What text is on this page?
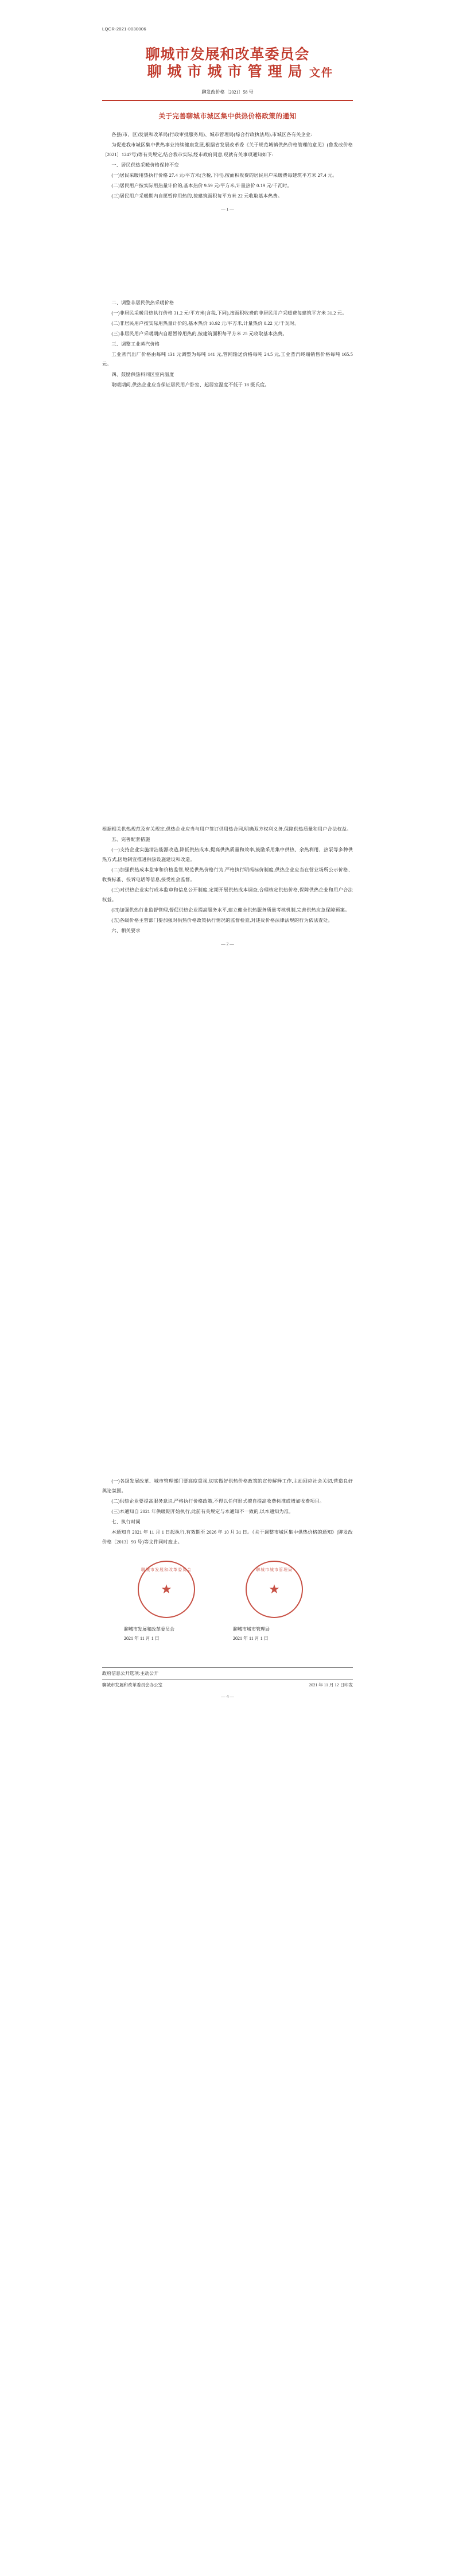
LQCR-2021-0030006
聊城市发展和改革委员会
聊城市城市管理局 文件
聊发改价格〔2021〕58 号
关于完善聊城市城区集中供热价格政策的通知

各县(市、区)发展和改革局(行政审批服务局)、城市管理局(综合行政执法局),市城区各有关企业:

为促进我市城区集中供热事业持续健康发展,根据省发展改革委《关于规范城镇供热价格管理的意见》(鲁发改价格〔2021〕1247号)等有关规定,结合我市实际,经市政府同意,现就有关事项通知如下:

一、居民供热采暖价格保持不变

(一)居民采暖用热执行价格 27.4 元/平方米(含税,下同),按面积收费的居民用户采暖费每建筑平方米 27.4 元。

(二)居民用户按实际用热量计价的,基本热价 9.59 元/平方米,计量热价 0.19 元/千瓦时。

(三)居民用户采暖期内自愿暂停用热的,按建筑面积每平方米 22 元收取基本热费。

— 1 —

二、调整非居民供热采暖价格

(一)非居民采暖用热执行价格 31.2 元/平方米(含税,下同),按面积收费的非居民用户采暖费每建筑平方米 31.2 元。

(二)非居民用户按实际用热量计价的,基本热价 10.92 元/平方米,计量热价 0.22 元/千瓦时。

(三)非居民用户采暖期内自愿暂停用热的,按建筑面积每平方米 25 元收取基本热费。

三、调整工业蒸汽价格

工业蒸汽出厂价格由每吨 131 元调整为每吨 141 元,管网输送价格每吨 24.5 元,工业蒸汽终端销售价格每吨 165.5 元。

四、鼓励供热科同区室内温度

取暖期间,供热企业应当保证居民用户卧室、起居室温度不低于 18 摄氏度。

根据相关供热规范及有关规定,供热企业应当与用户签订供用热合同,明确双方权利义务,保障供热质量和用户合法权益。

五、完善配套措施

(一)支持企业实施清洁能源改造,降低供热成本,提高供热质量和效率,鼓励采用集中供热、余热利用、热泵等多种供热方式,因地制宜推进供热设施建设和改造。

(二)加强供热成本监审和价格监管,规范供热价格行为,严格执行明码标价制度,供热企业应当在营业场所公示价格、收费标准、投诉电话等信息,接受社会监督。

(三)对供热企业实行成本监审和信息公开制度,定期开展供热成本调查,合理核定供热价格,保障供热企业和用户合法权益。

(四)加强供热行业监督管理,督促供热企业提高服务水平,建立健全供热服务质量考核机制,完善供热应急保障预案。

(五)各级价格主管部门要加强对供热价格政策执行情况的监督检查,对违反价格法律法规的行为依法查处。

六、相关要求

— 2 —

(一)各级发展改革、城市管理部门要高度重视,切实做好供热价格政策的宣传解释工作,主动回应社会关切,营造良好舆论氛围。

(二)供热企业要提高服务意识,严格执行价格政策,不得以任何形式擅自提高收费标准或增加收费项目。

(三)本通知自 2021 年供暖期开始执行,此前有关规定与本通知不一致的,以本通知为准。

七、执行时间

本通知自 2021 年 11 月 1 日起执行,有效期至 2026 年 10 月 31 日。《关于调整市城区集中供热价格的通知》(聊发改价格〔2013〕93 号)等文件同时废止。

聊城市发展和改革委员会
★
聊城市城市管理局
★
聊城市发展和改革委员会	聊城市城市管理局
2021 年 11 月 1 日	2021 年 11 月 1 日
政府信息公开选项:主动公开
聊城市发展和改革委员会办公室	2021 年 11 月 12 日印发
— 4 —
